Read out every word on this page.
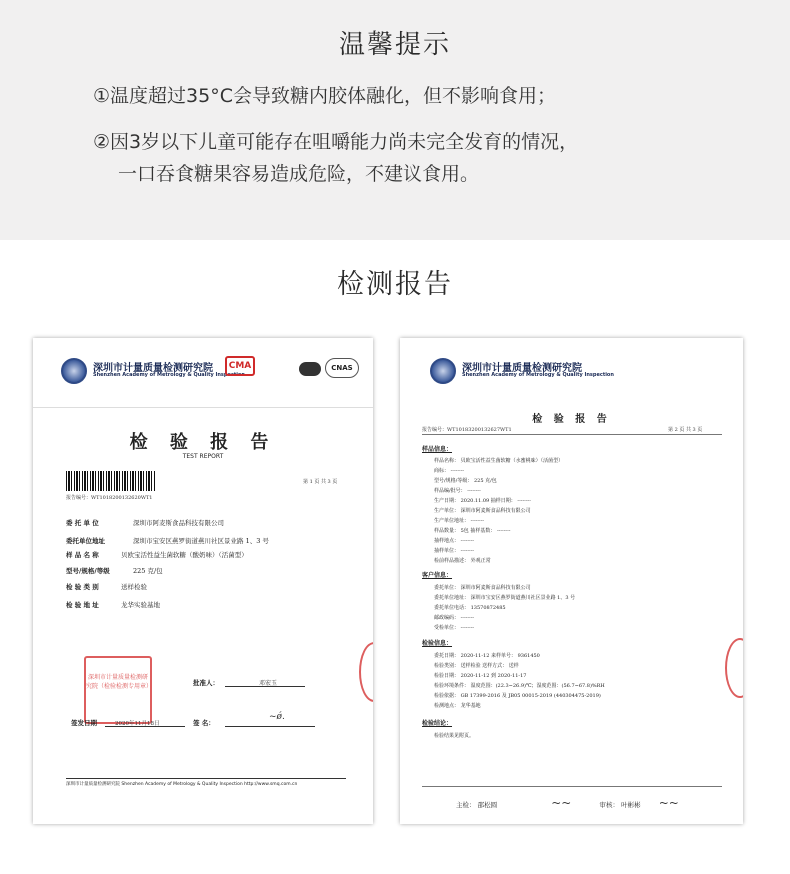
温馨提示
①温度超过35°C会导致糖内胶体融化，但不影响食用；
②因3岁以下儿童可能存在咀嚼能力尚未完全发育的情况，
一口吞食糖果容易造成危险，不建议食用。
检测报告
深圳市计量质量检测研究院
Shenzhen Academy of Metrology & Quality Inspection
CMA	CNAS
检 验 报 告
TEST REPORT
报告编号：WT1018200132620WT1
第 1 页 共 3 页
委 托 单 位	深圳市阿麦斯食品科技有限公司
委托单位地址	深圳市宝安区燕罗街道燕川社区景业路 1、3 号
样 品 名 称	贝欧宝活性益生菌软糖（酸奶味）（活菌型）
型号/规格/等级	225 克/包
检 验 类 别	送样检验
检 验 地 址	龙华实验基地
深圳市计量质量检测研究院（检验检测专用章）	批准人：	邓宏玉
签发日期	2020年11月18日	签 名：
~ǿ.
深圳市计量质量检测研究院 Shenzhen Academy of Metrology & Quality Inspection http://www.smq.com.cn
深圳市计量质量检测研究院
Shenzhen Academy of Metrology & Quality Inspection
检 验 报 告
报告编号：WT10183200132627WT1	第 2 页 共 3 页
样品信息：
样品名称： 贝欧宝活性益生菌软糖（水蜜桃味）（活菌型）
商标： --------
型号/规格/等级： 225 克/包
样品编/批号： --------
生产日期： 2020.11.09 抽样日期： --------
生产单位： 深圳市阿麦斯食品科技有限公司
生产单位地址： --------
样品数量： 5包 抽样基数： --------
抽样地点： --------
抽样单位： --------
检前样品描述： 外观正常
客户信息：
委托单位： 深圳市阿麦斯食品科技有限公司
委托单位地址： 深圳市宝安区燕罗街道燕川社区景业路 1、3 号
委托单位电话： 13570872485
邮政编码： --------
受检单位： --------
检验信息：
委托日期： 2020-11-12 来样单号： 9361450
检验类别： 送样检验 送样方式： 送样
检验日期： 2020-11-12 到 2020-11-17
检验环境条件： 温度范围：(22.3~26.9)℃；湿度范围：(56.7~67.8)%RH
检验依据： GB 17399-2016 及 JB05 00015-2019 (440304475-2019)
检测地点： 龙华基地
检验结论：
检验结果见附页。
主检： 邵松圆	~~	审核： 叶彬彬 ~~
